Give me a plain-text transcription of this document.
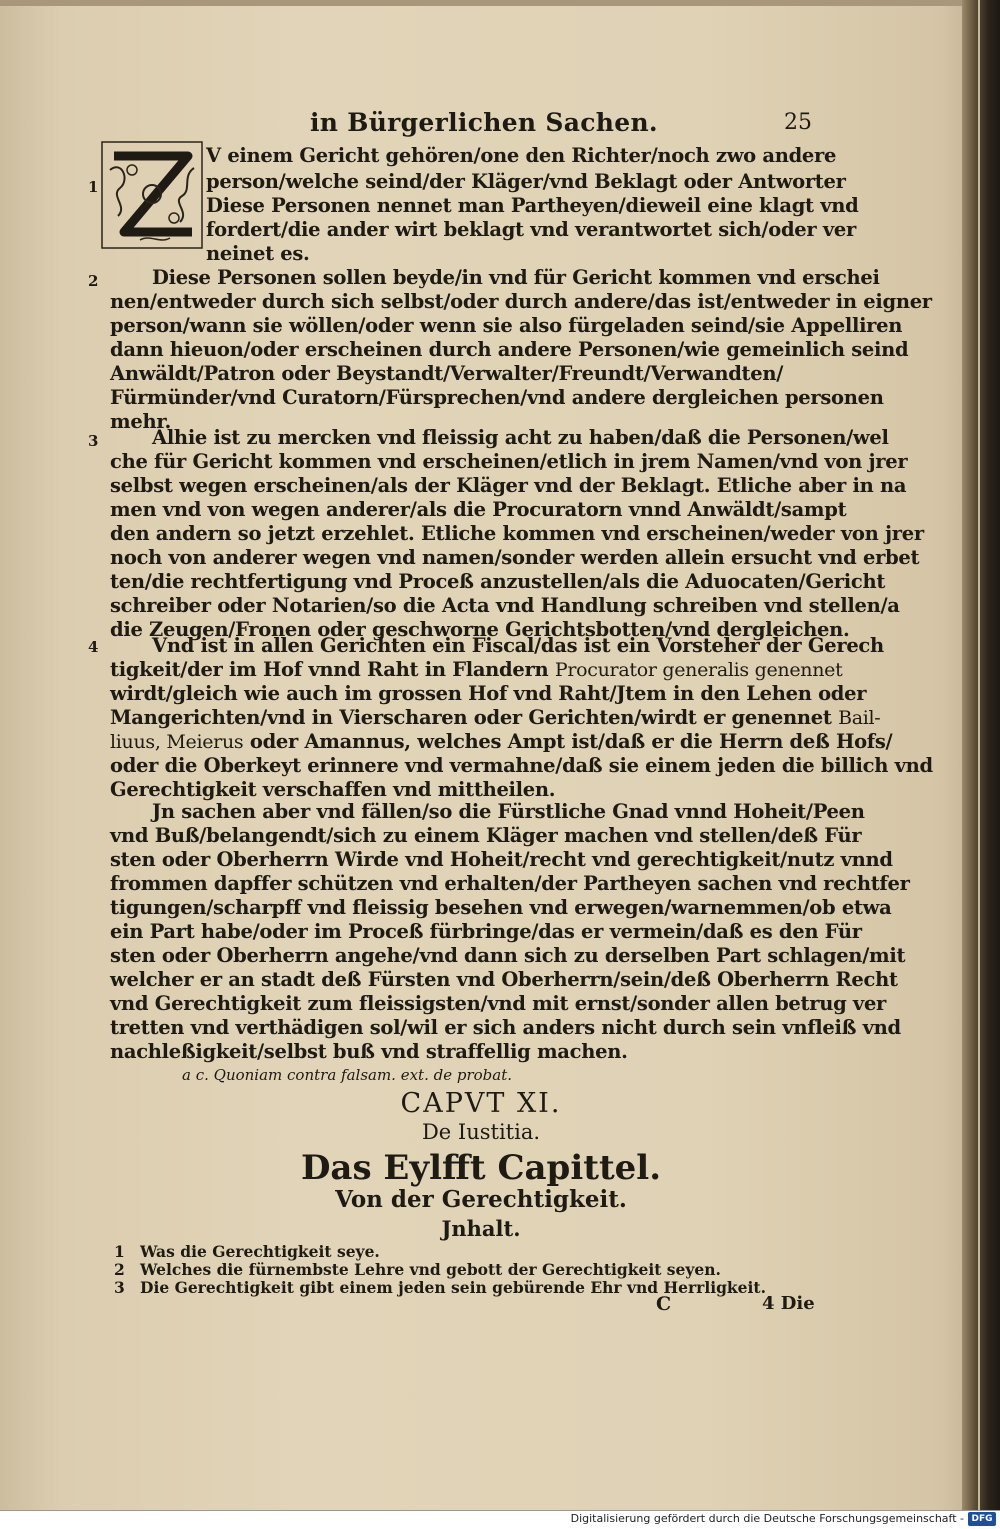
in Bürgerlichen Sachen.	25
1
2
3
4
V einem Gericht gehören/one den Richter/noch zwo andere
person/welche seind/der Kläger/vnd Beklagt oder Antworter
Diese Personen nennet man Partheyen/dieweil eine klagt vnd
fordert/die ander wirt beklagt vnd verantwortet sich/oder ver
neinet es.
Diese Personen sollen beyde/in vnd für Gericht kommen vnd erschei
nen/entweder durch sich selbst/oder durch andere/das ist/entweder in eigner
person/wann sie wöllen/oder wenn sie also fürgeladen seind/sie Appelliren
dann hieuon/oder erscheinen durch andere Personen/wie gemeinlich seind
Anwäldt/Patron oder Beystandt/Verwalter/Freundt/Verwandten/
Fürmünder/vnd Curatorn/Fürsprechen/vnd andere dergleichen personen
mehr.
Alhie ist zu mercken vnd fleissig acht zu haben/daß die Personen/wel
che für Gericht kommen vnd erscheinen/etlich in jrem Namen/vnd von jrer
selbst wegen erscheinen/als der Kläger vnd der Beklagt. Etliche aber in na
men vnd von wegen anderer/als die Procuratorn vnnd Anwäldt/sampt
den andern so jetzt erzehlet. Etliche kommen vnd erscheinen/weder von jrer
noch von anderer wegen vnd namen/sonder werden allein ersucht vnd erbet
ten/die rechtfertigung vnd Proceß anzustellen/als die Aduocaten/Gericht
schreiber oder Notarien/so die Acta vnd Handlung schreiben vnd stellen/a
die Zeugen/Fronen oder geschworne Gerichtsbotten/vnd dergleichen.
Vnd ist in allen Gerichten ein Fiscal/das ist ein Vorsteher der Gerech
tigkeit/der im Hof vnnd Raht in Flandern Procurator generalis genennet
wirdt/gleich wie auch im grossen Hof vnd Raht/Jtem in den Lehen oder
Mangerichten/vnd in Vierscharen oder Gerichten/wirdt er genennet Bail-
liuus, Meierus oder Amannus, welches Ampt ist/daß er die Herrn deß Hofs/
oder die Oberkeyt erinnere vnd vermahne/daß sie einem jeden die billich vnd
Gerechtigkeit verschaffen vnd mittheilen.
Jn sachen aber vnd fällen/so die Fürstliche Gnad vnnd Hoheit/Peen
vnd Buß/belangendt/sich zu einem Kläger machen vnd stellen/deß Für
sten oder Oberherrn Wirde vnd Hoheit/recht vnd gerechtigkeit/nutz vnnd
frommen dapffer schützen vnd erhalten/der Partheyen sachen vnd rechtfer
tigungen/scharpff vnd fleissig besehen vnd erwegen/warnemmen/ob etwa
ein Part habe/oder im Proceß fürbringe/das er vermein/daß es den Für
sten oder Oberherrn angehe/vnd dann sich zu derselben Part schlagen/mit
welcher er an stadt deß Fürsten vnd Oberherrn/sein/deß Oberherrn Recht
vnd Gerechtigkeit zum fleissigsten/vnd mit ernst/sonder allen betrug ver
tretten vnd verthädigen sol/wil er sich anders nicht durch sein vnfleiß vnd
nachleßigkeit/selbst buß vnd straffellig machen.
a c. Quoniam contra falsam. ext. de probat.
CAPVT XI.
De Iustitia.
Das Eylfft Capittel.
Von der Gerechtigkeit.
Jnhalt.
1 Was die Gerechtigkeit seye.
2 Welches die fürnembste Lehre vnd gebott der Gerechtigkeit seyen.
3 Die Gerechtigkeit gibt einem jeden sein gebürende Ehr vnd Herrligkeit.
C	4 Die
Digitalisierung gefördert durch die Deutsche Forschungsgemeinschaft - DFG
